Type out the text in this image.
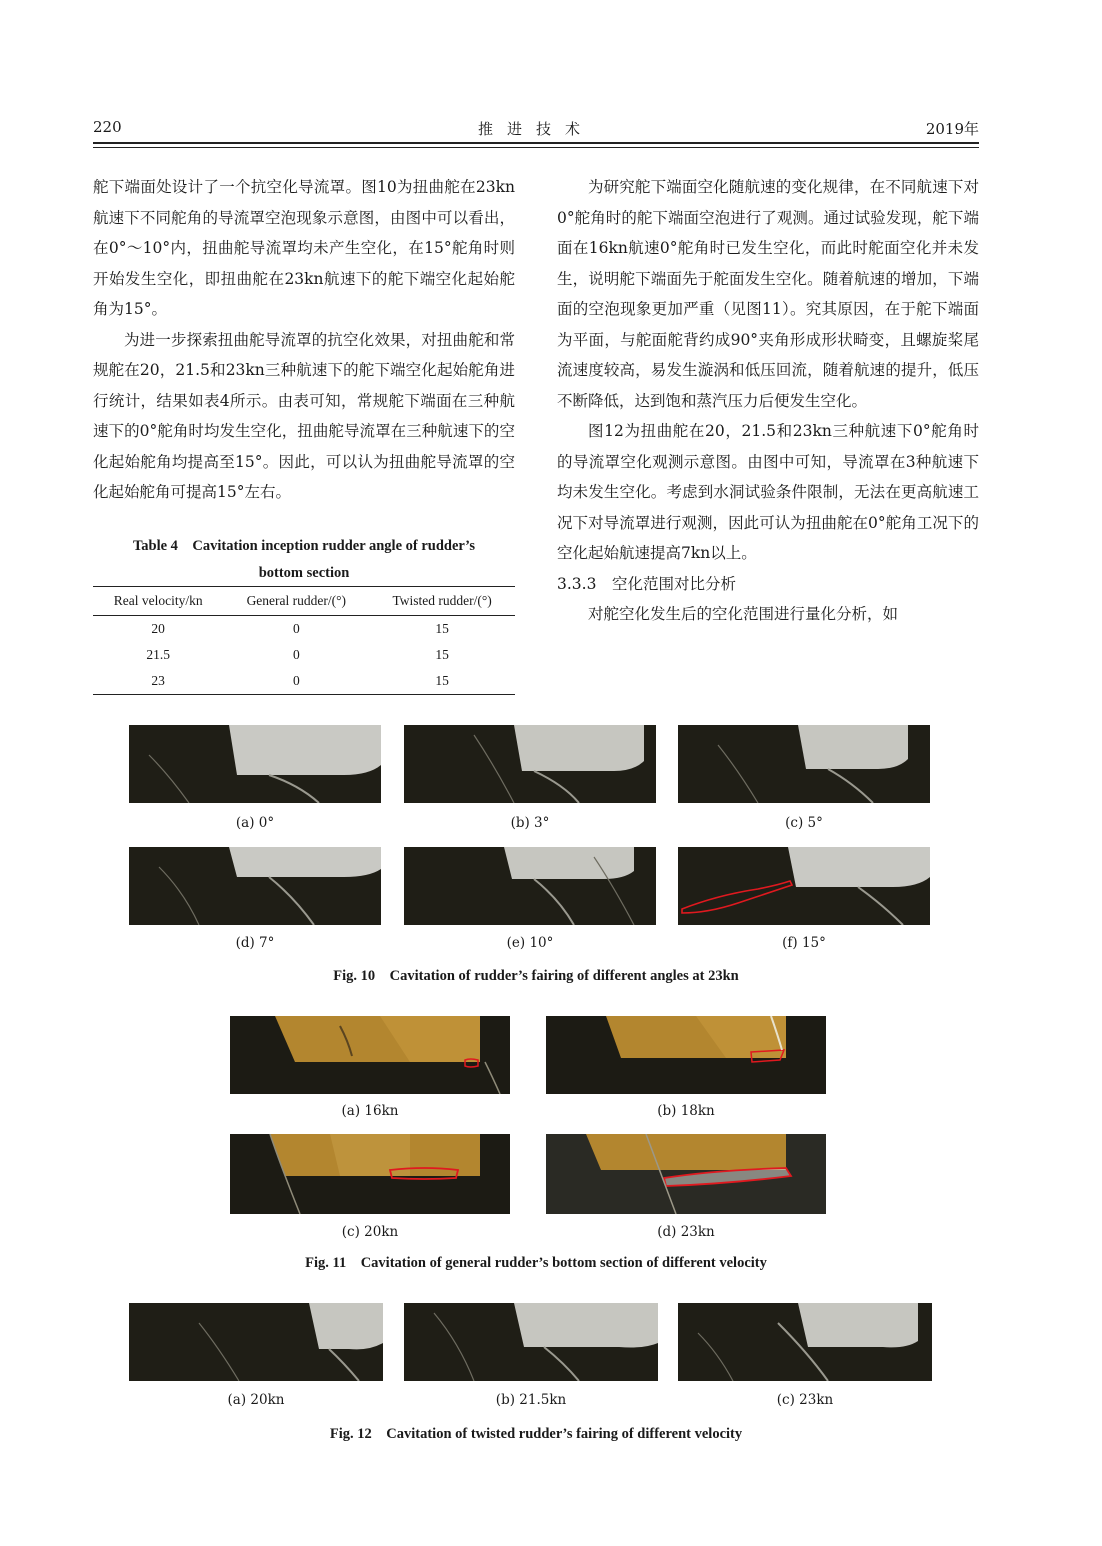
220	推进技术	2019年

舵下端面处设计了一个抗空化导流罩。图10为扭曲舵在23kn航速下不同舵角的导流罩空泡现象示意图，由图中可以看出，在0°～10°内，扭曲舵导流罩均未产生空化，在15°舵角时则开始发生空化，即扭曲舵在23kn航速下的舵下端空化起始舵角为15°。

为进一步探索扭曲舵导流罩的抗空化效果，对扭曲舵和常规舵在20，21.5和23kn三种航速下的舵下端空化起始舵角进行统计，结果如表4所示。由表可知，常规舵下端面在三种航速下的0°舵角时均发生空化，扭曲舵导流罩在三种航速下的空化起始舵角均提高至15°。因此，可以认为扭曲舵导流罩的空化起始舵角可提高15°左右。

Table 4　Cavitation inception rudder angle of rudder’s
bottom section
Real velocity/kn	General rudder/(°)	Twisted rudder/(°)
20	0	15
21.5	0	15
23	0	15

为研究舵下端面空化随航速的变化规律，在不同航速下对0°舵角时的舵下端面空泡进行了观测。通过试验发现，舵下端面在16kn航速0°舵角时已发生空化，而此时舵面空化并未发生，说明舵下端面先于舵面发生空化。随着航速的增加，下端面的空泡现象更加严重（见图11）。究其原因，在于舵下端面为平面，与舵面舵背约成90°夹角形成形状畸变，且螺旋桨尾流速度较高，易发生漩涡和低压回流，随着航速的提升，低压不断降低，达到饱和蒸汽压力后便发生空化。

图12为扭曲舵在20，21.5和23kn三种航速下0°舵角时的导流罩空化观测示意图。由图中可知，导流罩在3种航速下均未发生空化。考虑到水洞试验条件限制，无法在更高航速工况下对导流罩进行观测，因此可认为扭曲舵在0°舵角工况下的空化起始航速提高7kn以上。

3.3.3　空化范围对比分析

对舵空化发生后的空化范围进行量化分析，如

(a) 0°	(b) 3°	(c) 5°
(d) 7°	(e) 10°	(f) 15°
Fig. 10　Cavitation of rudder’s fairing of different angles at 23kn
(a) 16kn	(b) 18kn
(c) 20kn	(d) 23kn
Fig. 11　Cavitation of general rudder’s bottom section of different velocity
(a) 20kn	(b) 21.5kn	(c) 23kn
Fig. 12　Cavitation of twisted rudder’s fairing of different velocity
